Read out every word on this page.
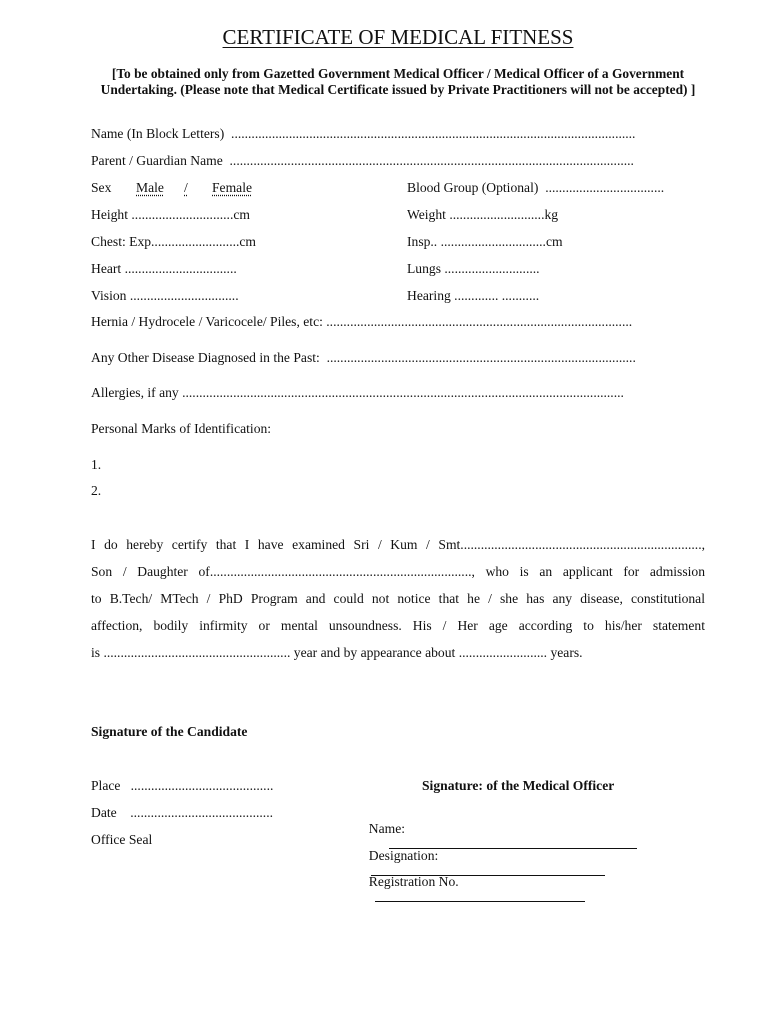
CERTIFICATE OF MEDICAL FITNESS
[To be obtained only from Gazetted Government Medical Officer / Medical Officer of a Government
Undertaking. (Please note that Medical Certificate issued by Private Practitioners will not be accepted) ]
Name (In Block Letters)  .......................................................................................................................
Parent / Guardian Name  .......................................................................................................................
Sex Male / Female	Blood Group (Optional)  ...................................
Height ..............................cm	Weight ............................kg
Chest: Exp..........................cm	Insp.. ...............................cm
Heart .................................	Lungs ............................
Vision ................................	Hearing ............. ...........
Hernia / Hydrocele / Varicocele/ Piles, etc: ..........................................................................................
Any Other Disease Diagnosed in the Past:  ...........................................................................................
Allergies, if any ..................................................................................................................................
Personal Marks of Identification:
1.
2.
I do hereby certify that I have examined Sri / Kum / Smt.......................................................................,
Son / Daughter of............................................................................., who is an applicant for admission
to B.Tech/ MTech / PhD Program and could not notice that he / she has any disease, constitutional
affection, bodily infirmity or mental unsoundness. His / Her age according to his/her statement
is ....................................................... year and by appearance about .......................... years.
Signature of the Candidate
Place   ..........................................	Signature: of the Medical Officer
Date    ..........................................

Name:

Office Seal

Designation:

Registration No.
